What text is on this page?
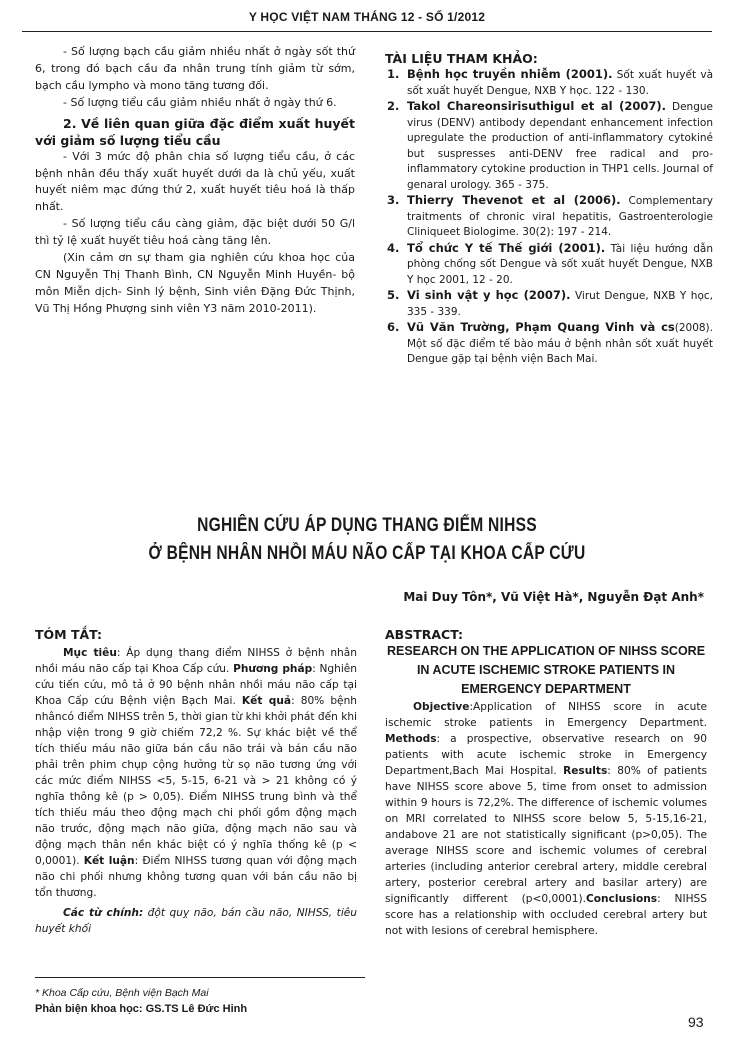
Y HỌC VIỆT NAM THÁNG 12 - SỐ 1/2012

- Số lượng bạch cầu giảm nhiều nhất ở ngày sốt thứ 6, trong đó bạch cầu đa nhân trung tính giảm từ sớm, bạch cầu lympho và mono tăng tương đối.

- Số lượng tiểu cầu giảm nhiều nhất ở ngày thứ 6.

2. Về liên quan giữa đặc điểm xuất huyết với giảm số lượng tiểu cầu

- Với 3 mức độ phân chia số lượng tiểu cầu, ở các bệnh nhân đều thấy xuất huyết dưới da là chủ yếu, xuất huyết niêm mạc đứng thứ 2, xuất huyết tiêu hoá là thấp nhất.

- Số lượng tiểu cầu càng giảm, đặc biệt dưới 50 G/l thì tỷ lệ xuất huyết tiêu hoá càng tăng lên.

(Xin cảm ơn sự tham gia nghiên cứu khoa học của CN Nguyễn Thị Thanh Bình, CN Nguyễn Minh Huyền- bộ môn Miễn dịch- Sinh lý bệnh, Sinh viên Đặng Đức Thịnh, Vũ Thị Hồng Phượng sinh viên Y3 năm 2010-2011).

TÀI LIỆU THAM KHẢO:
1. Bệnh học truyền nhiễm (2001). Sốt xuất huyết và sốt xuất huyết Dengue, NXB Y học. 122 - 130.
2. Takol Chareonsirisuthigul et al (2007). Dengue virus (DENV) antibody dependant enhancement infection upregulate the production of anti-inflammatory cytokiné but suspresses anti-DENV free radical and pro-inflammatory cytokine production in THP1 cells. Journal of genaral urology. 365 - 375.
3. Thierry Thevenot et al (2006). Complementary traitments of chronic viral hepatitis, Gastroenterologie Cliniqueet Biologime. 30(2): 197 - 214.
4. Tổ chức Y tế Thế giới (2001). Tài liệu hướng dẫn phòng chống sốt Dengue và sốt xuất huyết Dengue, NXB Y học 2001, 12 - 20.
5. Vi sinh vật y học (2007). Virut Dengue, NXB Y học, 335 - 339.
6. Vũ Văn Trường, Phạm Quang Vinh và cs(2008). Một số đặc điểm tế bào máu ở bệnh nhân sốt xuất huyết Dengue gặp tại bệnh viện Bach Mai.
NGHIÊN CỨU ÁP DỤNG THANG ĐIỂM NIHSS
Ở BỆNH NHÂN NHỒI MÁU NÃO CẤP TẠI KHOA CẤP CỨU
Mai Duy Tôn*, Vũ Việt Hà*, Nguyễn Đạt Anh*
TÓM TẮT:

Mục tiêu: Áp dụng thang điểm NIHSS ở bệnh nhân nhồi máu não cấp tại Khoa Cấp cứu. Phương pháp: Nghiên cứu tiến cứu, mô tả ở 90 bệnh nhân nhồi máu não cấp tại Khoa Cấp cứu Bệnh viện Bạch Mai. Kết quả: 80% bệnh nhâncó điểm NIHSS trên 5, thời gian từ khi khởi phát đến khi nhập viện trong 9 giờ chiếm 72,2 %. Sự khác biệt về thể tích thiếu máu não giữa bán cầu não trái và bán cầu não phải trên phim chụp cộng hưởng từ sọ não tương ứng với các mức điểm NIHSS <5, 5-15, 6-21 và > 21 không có ý nghĩa thông kê (p > 0,05). Điểm NIHSS trung bình và thể tích thiếu máu theo động mạch chi phối gồm động mạch não trước, động mạch não giữa, động mạch não sau và động mạch thân nền khác biệt có ý nghĩa thống kê (p < 0,0001). Kết luận: Điểm NIHSS tương quan với động mạch não chi phối nhưng không tương quan với bán cầu não bị tổn thương.

Các từ chính: đột quỵ não, bán cầu não, NIHSS, tiêu huyết khối

ABSTRACT:
RESEARCH ON THE APPLICATION OF NIHSS SCORE IN ACUTE ISCHEMIC STROKE PATIENTS IN EMERGENCY DEPARTMENT

Objective:Application of NIHSS score in acute ischemic stroke patients in Emergency Department. Methods: a prospective, observative research on 90 patients with acute ischemic stroke in Emergency Department,Bach Mai Hospital. Results: 80% of patients have NIHSS score above 5, time from onset to admission within 9 hours is 72,2%. The difference of ischemic volumes on MRI correlated to NIHSS score below 5, 5-15,16-21, andabove 21 are not statistically significant (p>0,05). The average NIHSS score and ischemic volumes of cerebral arteries (including anterior cerebral artery, middle cerebral artery, posterior cerebral artery and basilar artery) are significantly different (p<0,0001).Conclusions: NIHSS score has a relationship with occluded cerebral artery but not with lesions of cerebral hemisphere.

* Khoa Cấp cứu, Bệnh viện Bạch Mai
Phản biện khoa học: GS.TS Lê Đức Hinh
93
